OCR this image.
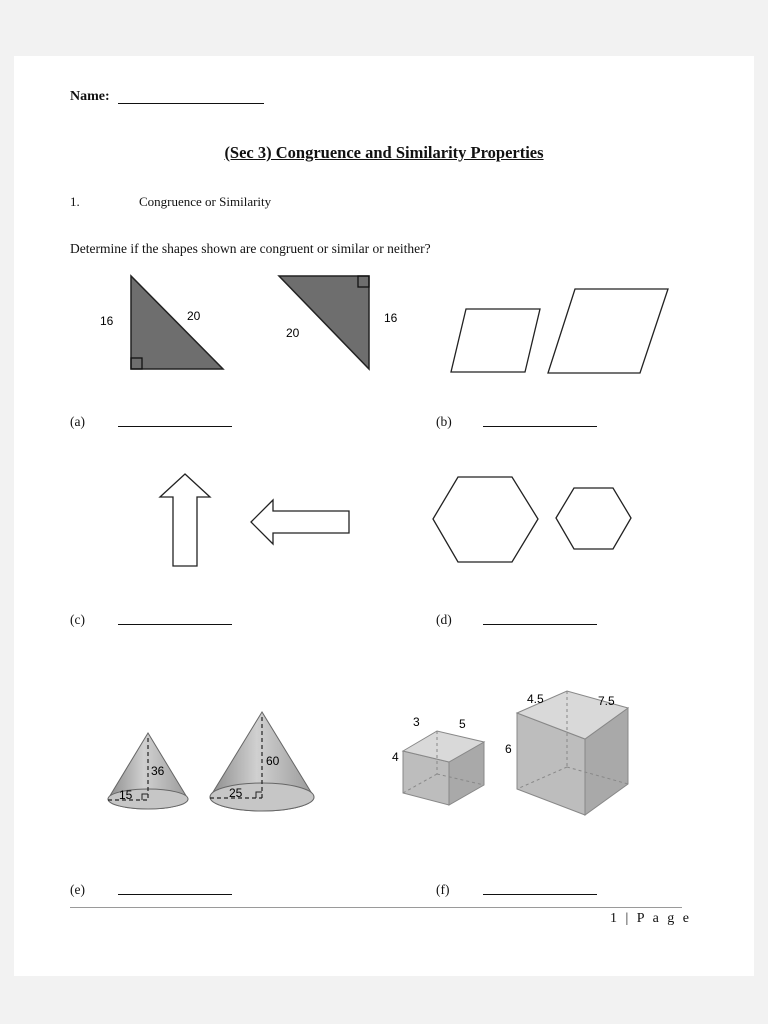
Name:
(Sec 3) Congruence and Similarity Properties
1.	Congruence or Similarity
Determine if the shapes shown are congruent or similar or neither?
16	20
20
16
36
15
60
25
3	5
4
4.5	7.5
6
(a)	(b)
(c)	(d)
(e)	(f)
1 | P a g e
